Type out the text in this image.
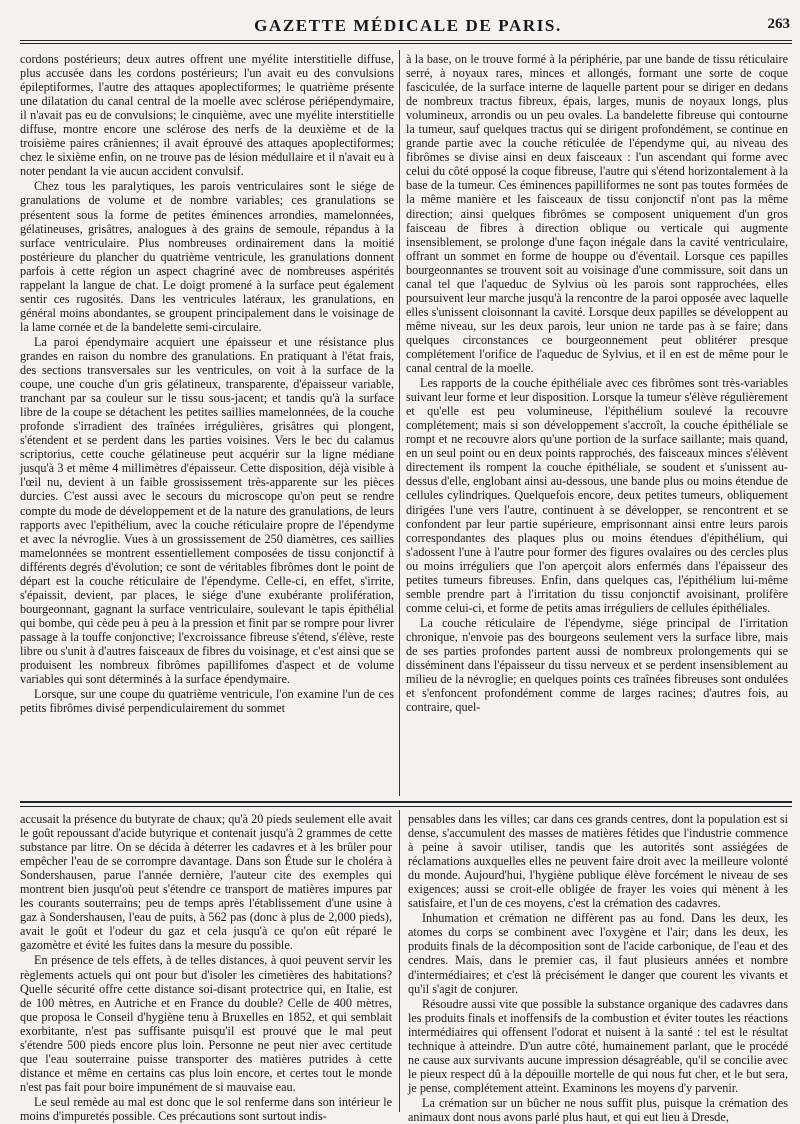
GAZETTE MÉDICALE DE PARIS.	263

cordons postérieurs; deux autres offrent une myélite interstitielle diffuse, plus accusée dans les cordons postérieurs; l'un avait eu des convulsions épileptiformes, l'autre des attaques apoplectiformes; le quatrième présente une dilatation du canal central de la moelle avec sclérose périépendymaire, il n'avait pas eu de convulsions; le cinquième, avec une myélite interstitielle diffuse, montre encore une sclérose des nerfs de la deuxième et de la troisième paires crâniennes; il avait éprouvé des attaques apoplectiformes; chez le sixième enfin, on ne trouve pas de lésion médullaire et il n'avait eu à noter pendant la vie aucun accident convulsif.

Chez tous les paralytiques, les parois ventriculaires sont le siége de granulations de volume et de nombre variables; ces granulations se présentent sous la forme de petites éminences arrondies, mamelonnées, gélatineuses, grisâtres, analogues à des grains de semoule, répandus à la surface ventriculaire. Plus nombreuses ordinairement dans la moitié postérieure du plancher du quatrième ventricule, les granulations donnent parfois à cette région un aspect chagriné avec de nombreuses aspérités rappelant la langue de chat. Le doigt promené à la surface peut également sentir ces rugosités. Dans les ventricules latéraux, les granulations, en général moins abondantes, se groupent principalement dans le voisinage de la lame cornée et de la bandelette semi-circulaire.

La paroi épendymaire acquiert une épaisseur et une résistance plus grandes en raison du nombre des granulations. En pratiquant à l'état frais, des sections transversales sur les ventricules, on voit à la surface de la coupe, une couche d'un gris gélatineux, transparente, d'épaisseur variable, tranchant par sa couleur sur le tissu sous-jacent; et tandis qu'à la surface libre de la coupe se détachent les petites saillies mamelonnées, de la couche profonde s'irradient des traînées irrégulières, grisâtres qui plongent, s'étendent et se perdent dans les parties voisines. Vers le bec du calamus scriptorius, cette couche gélatineuse peut acquérir sur la ligne médiane jusqu'à 3 et même 4 millimètres d'épaisseur. Cette disposition, déjà visible à l'œil nu, devient à un faible grossissement très-apparente sur les pièces durcies. C'est aussi avec le secours du microscope qu'on peut se rendre compte du mode de développement et de la nature des granulations, de leurs rapports avec l'epithélium, avec la couche réticulaire propre de l'épendyme et avec la névroglie. Vues à un grossissement de 250 diamètres, ces saillies mamelonnées se montrent essentiellement composées de tissu conjonctif à différents degrés d'évolution; ce sont de véritables fibrômes dont le point de départ est la couche réticulaire de l'épendyme. Celle-ci, en effet, s'irrite, s'épaissit, devient, par places, le siége d'une exubérante prolifération, bourgeonnant, gagnant la surface ventriculaire, soulevant le tapis épithélial qui bombe, qui cède peu à peu à la pression et finit par se rompre pour livrer passage à la touffe conjonctive; l'excroissance fibreuse s'étend, s'élève, reste libre ou s'unit à d'autres faisceaux de fibres du voisinage, et c'est ainsi que se produisent les nombreux fibrômes papillifomes d'aspect et de volume variables qui sont déterminés à la surface épendymaire.

Lorsque, sur une coupe du quatrième ventricule, l'on examine l'un de ces petits fibrômes divisé perpendiculairement du sommet

à la base, on le trouve formé à la périphérie, par une bande de tissu réticulaire serré, à noyaux rares, minces et allongés, formant une sorte de coque fasciculée, de la surface interne de laquelle partent pour se diriger en dedans de nombreux tractus fibreux, épais, larges, munis de noyaux longs, plus volumineux, arrondis ou un peu ovales. La bandelette fibreuse qui contourne la tumeur, sauf quelques tractus qui se dirigent profondément, se continue en grande partie avec la couche réticulée de l'épendyme qui, au niveau des fibrômes se divise ainsi en deux faisceaux : l'un ascendant qui forme avec celui du côté opposé la coque fibreuse, l'autre qui s'étend horizontalement à la base de la tumeur. Ces éminences papilliformes ne sont pas toutes formées de la même manière et les faisceaux de tissu conjonctif n'ont pas la même direction; ainsi quelques fibrômes se composent uniquement d'un gros faisceau de fibres à direction oblique ou verticale qui augmente insensiblement, se prolonge d'une façon inégale dans la cavité ventriculaire, offrant un sommet en forme de houppe ou d'éventail. Lorsque ces papilles bourgeonnantes se trouvent soit au voisinage d'une commissure, soit dans un canal tel que l'aqueduc de Sylvius où les parois sont rapprochées, elles poursuivent leur marche jusqu'à la rencontre de la paroi opposée avec laquelle elles s'unissent cloisonnant la cavité. Lorsque deux papilles se développent au même niveau, sur les deux parois, leur union ne tarde pas à se faire; dans quelques circonstances ce bourgeonnement peut oblitérer presque complétement l'orifice de l'aqueduc de Sylvius, et il en est de même pour le canal central de la moelle.

Les rapports de la couche épithéliale avec ces fibrômes sont très-variables suivant leur forme et leur disposition. Lorsque la tumeur s'élève régulièrement et qu'elle est peu volumineuse, l'épithélium soulevé la recouvre complétement; mais si son développement s'accroît, la couche épithéliale se rompt et ne recouvre alors qu'une portion de la surface saillante; mais quand, en un seul point ou en deux points rapprochés, des faisceaux minces s'élèvent directement ils rompent la couche épithéliale, se soudent et s'unissent au-dessus d'elle, englobant ainsi au-dessous, une bande plus ou moins étendue de cellules cylindriques. Quelquefois encore, deux petites tumeurs, obliquement dirigées l'une vers l'autre, continuent à se développer, se rencontrent et se confondent par leur partie supérieure, emprisonnant ainsi entre leurs parois correspondantes des plaques plus ou moins étendues d'épithélium, qui s'adossent l'une à l'autre pour former des figures ovalaires ou des cercles plus ou moins irréguliers que l'on aperçoit alors enfermés dans l'épaisseur des petites tumeurs fibreuses. Enfin, dans quelques cas, l'épithélium lui-même semble prendre part à l'irritation du tissu conjonctif avoisinant, prolifère comme celui-ci, et forme de petits amas irréguliers de cellules épithéliales.

La couche réticulaire de l'épendyme, siége principal de l'irritation chronique, n'envoie pas des bourgeons seulement vers la surface libre, mais de ses parties profondes partent aussi de nombreux prolongements qui se disséminent dans l'épaisseur du tissu nerveux et se perdent insensiblement au milieu de la névroglie; en quelques points ces traînées fibreuses sont ondulées et s'enfoncent profondément comme de larges racines; d'autres fois, au contraire, quel-

accusait la présence du butyrate de chaux; qu'à 20 pieds seulement elle avait le goût repoussant d'acide butyrique et contenait jusqu'à 2 grammes de cette substance par litre. On se décida à déterrer les cadavres et à les brûler pour empêcher l'eau de se corrompre davantage. Dans son Étude sur le choléra à Sondershausen, parue l'année dernière, l'auteur cite des exemples qui montrent bien jusqu'où peut s'étendre ce transport de matières impures par les courants souterrains; peu de temps après l'établissement d'une usine à gaz à Sondershausen, l'eau de puits, à 562 pas (donc à plus de 2,000 pieds), avait le goût et l'odeur du gaz et cela jusqu'à ce qu'on eût réparé le gazomètre et évité les fuites dans la mesure du possible.

En présence de tels effets, à de telles distances, à quoi peuvent servir les règlements actuels qui ont pour but d'isoler les cimetières des habitations? Quelle sécurité offre cette distance soi-disant protectrice qui, en Italie, est de 100 mètres, en Autriche et en France du double? Celle de 400 mètres, que proposa le Conseil d'hygiène tenu à Bruxelles en 1852, et qui semblait exorbitante, n'est pas suffisante puisqu'il est prouvé que le mal peut s'étendre 500 pieds encore plus loin. Personne ne peut nier avec certitude que l'eau souterraine puisse transporter des matières putrides à cette distance et même en certains cas plus loin encore, et certes tout le monde n'est pas fait pour boire impunément de si mauvaise eau.

Le seul remède au mal est donc que le sol renferme dans son intérieur le moins d'impuretés possible. Ces précautions sont surtout indis-

pensables dans les villes; car dans ces grands centres, dont la population est si dense, s'accumulent des masses de matières fétides que l'industrie commence à peine à savoir utiliser, tandis que les autorités sont assiégées de réclamations auxquelles elles ne peuvent faire droit avec la meilleure volonté du monde. Aujourd'hui, l'hygiène publique élève forcément le niveau de ses exigences; aussi se croit-elle obligée de frayer les voies qui mènent à les satisfaire, et l'un de ces moyens, c'est la crémation des cadavres.

Inhumation et crémation ne diffèrent pas au fond. Dans les deux, les atomes du corps se combinent avec l'oxygène et l'air; dans les deux, les produits finals de la décomposition sont de l'acide carbonique, de l'eau et des cendres. Mais, dans le premier cas, il faut plusieurs années et nombre d'intermédiaires; et c'est là précisément le danger que courent les vivants et qu'il s'agit de conjurer.

Résoudre aussi vite que possible la substance organique des cadavres dans les produits finals et inoffensifs de la combustion et éviter toutes les réactions intermédiaires qui offensent l'odorat et nuisent à la santé : tel est le résultat technique à atteindre. D'un autre côté, humainement parlant, que le procédé ne cause aux survivants aucune impression désagréable, qu'il se concilie avec le pieux respect dû à la dépouille mortelle de qui nous fut cher, et le but sera, je pense, complétement atteint. Examinons les moyens d'y parvenir.

La crémation sur un bûcher ne nous suffit plus, puisque la crémation des animaux dont nous avons parlé plus haut, et qui eut lieu à Dresde,
